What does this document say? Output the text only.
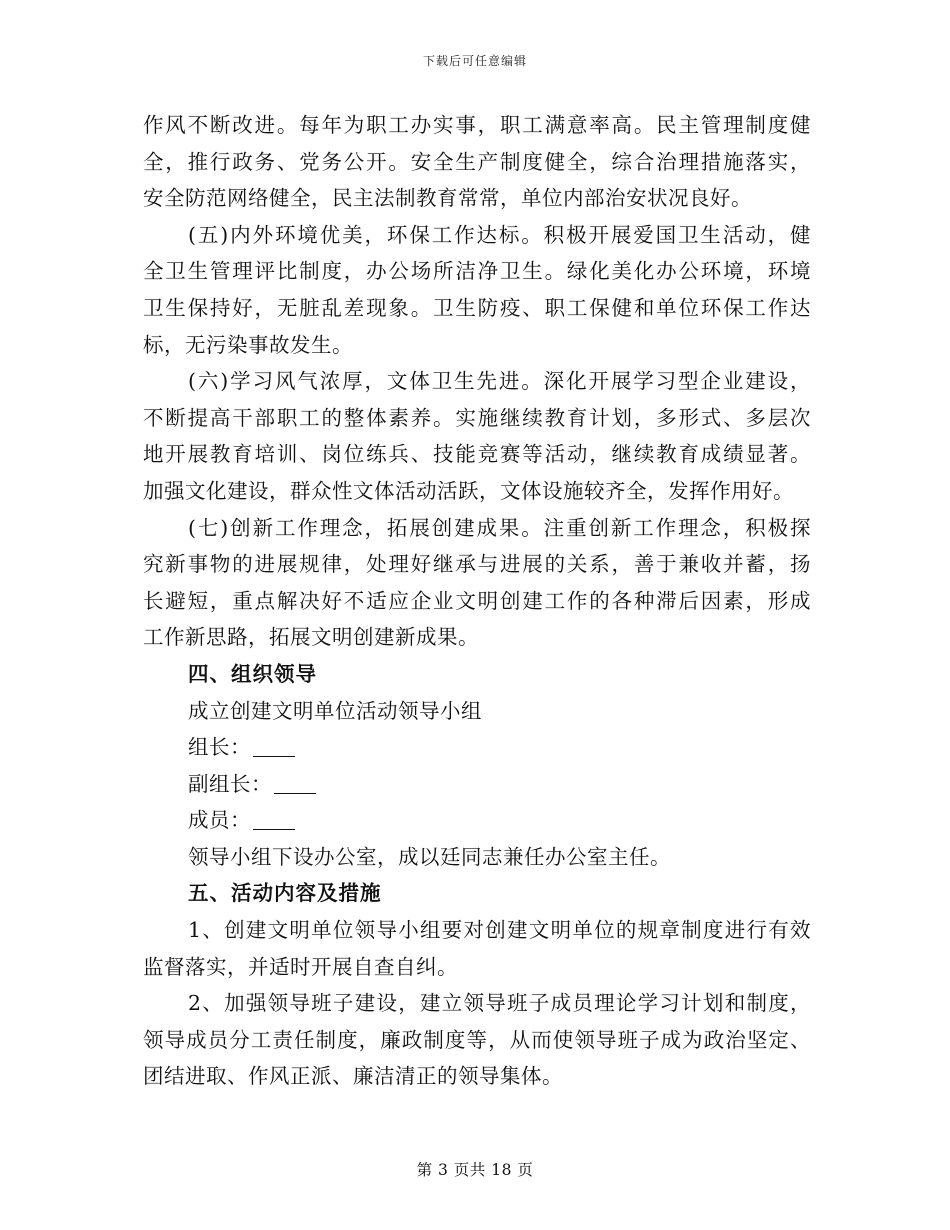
下载后可任意编辑
作风不断改进。每年为职工办实事，职工满意率高。民主管理制度健
全，推行政务、党务公开。安全生产制度健全，综合治理措施落实，
安全防范网络健全，民主法制教育常常，单位内部治安状况良好。
(五)内外环境优美，环保工作达标。积极开展爱国卫生活动，健
全卫生管理评比制度，办公场所洁净卫生。绿化美化办公环境，环境
卫生保持好，无脏乱差现象。卫生防疫、职工保健和单位环保工作达
标，无污染事故发生。
(六)学习风气浓厚，文体卫生先进。深化开展学习型企业建设，
不断提高干部职工的整体素养。实施继续教育计划，多形式、多层次
地开展教育培训、岗位练兵、技能竞赛等活动，继续教育成绩显著。
加强文化建设，群众性文体活动活跃，文体设施较齐全，发挥作用好。
(七)创新工作理念，拓展创建成果。注重创新工作理念，积极探
究新事物的进展规律，处理好继承与进展的关系，善于兼收并蓄，扬
长避短，重点解决好不适应企业文明创建工作的各种滞后因素，形成
工作新思路，拓展文明创建新成果。
四、组织领导
成立创建文明单位活动领导小组
组长：
副组长：
成员：
领导小组下设办公室，成以廷同志兼任办公室主任。
五、活动内容及措施
1、创建文明单位领导小组要对创建文明单位的规章制度进行有效
监督落实，并适时开展自查自纠。
2、加强领导班子建设，建立领导班子成员理论学习计划和制度，
领导成员分工责任制度，廉政制度等，从而使领导班子成为政治坚定、
团结进取、作风正派、廉洁清正的领导集体。
第 3 页共 18 页
